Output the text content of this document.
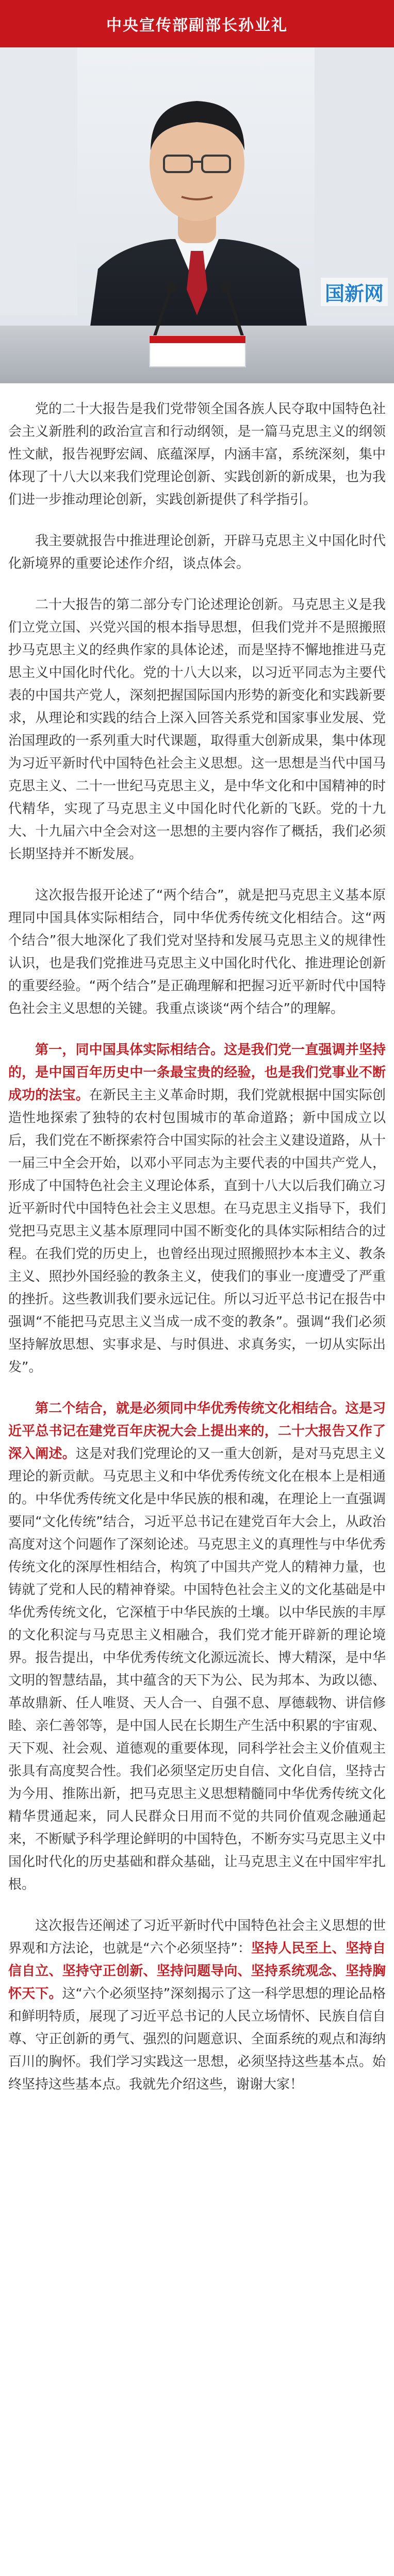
中央宣传部副部长孙业礼
国新网

党的二十大报告是我们党带领全国各族人民夺取中国特色社会主义新胜利的政治宣言和行动纲领，是一篇马克思主义的纲领性文献，报告视野宏阔、底蕴深厚，内涵丰富，系统深刻，集中体现了十八大以来我们党理论创新、实践创新的新成果，也为我们进一步推动理论创新，实践创新提供了科学指引。

我主要就报告中推进理论创新，开辟马克思主义中国化时代化新境界的重要论述作介绍，谈点体会。

二十大报告的第二部分专门论述理论创新。马克思主义是我们立党立国、兴党兴国的根本指导思想，但我们党并不是照搬照抄马克思主义的经典作家的具体论述，而是坚持不懈地推进马克思主义中国化时代化。党的十八大以来，以习近平同志为主要代表的中国共产党人，深刻把握国际国内形势的新变化和实践新要求，从理论和实践的结合上深入回答关系党和国家事业发展、党治国理政的一系列重大时代课题，取得重大创新成果，集中体现为习近平新时代中国特色社会主义思想。这一思想是当代中国马克思主义、二十一世纪马克思主义，是中华文化和中国精神的时代精华，实现了马克思主义中国化时代化新的飞跃。党的十九大、十九届六中全会对这一思想的主要内容作了概括，我们必须长期坚持并不断发展。

这次报告报开论述了“两个结合”，就是把马克思主义基本原理同中国具体实际相结合，同中华优秀传统文化相结合。这“两个结合”很大地深化了我们党对坚持和发展马克思主义的规律性认识，也是我们党推进马克思主义中国化时代化、推进理论创新的重要经验。“两个结合”是正确理解和把握习近平新时代中国特色社会主义思想的关键。我重点谈谈“两个结合”的理解。

第一，同中国具体实际相结合。这是我们党一直强调并坚持的，是中国百年历史中一条最宝贵的经验，也是我们党事业不断成功的法宝。在新民主主义革命时期，我们党就根据中国实际创造性地探索了独特的农村包围城市的革命道路；新中国成立以后，我们党在不断探索符合中国实际的社会主义建设道路，从十一届三中全会开始，以邓小平同志为主要代表的中国共产党人，形成了中国特色社会主义理论体系，直到十八大以后我们确立习近平新时代中国特色社会主义思想。在马克思主义指导下，我们党把马克思主义基本原理同中国不断变化的具体实际相结合的过程。在我们党的历史上，也曾经出现过照搬照抄本本主义、教条主义、照抄外国经验的教条主义，使我们的事业一度遭受了严重的挫折。这些教训我们要永远记住。所以习近平总书记在报告中强调“不能把马克思主义当成一成不变的教条”。强调“我们必须坚持解放思想、实事求是、与时俱进、求真务实，一切从实际出发”。

第二个结合，就是必须同中华优秀传统文化相结合。这是习近平总书记在建党百年庆祝大会上提出来的，二十大报告又作了深入阐述。这是对我们党理论的又一重大创新，是对马克思主义理论的新贡献。马克思主义和中华优秀传统文化在根本上是相通的。中华优秀传统文化是中华民族的根和魂，在理论上一直强调要同“文化传统”结合，习近平总书记在建党百年大会上，从政治高度对这个问题作了深刻论述。马克思主义的真理性与中华优秀传统文化的深厚性相结合，构筑了中国共产党人的精神力量，也铸就了党和人民的精神脊梁。中国特色社会主义的文化基础是中华优秀传统文化，它深植于中华民族的土壤。以中华民族的丰厚的文化积淀与马克思主义相融合，我们党才能开辟新的理论境界。报告提出，中华优秀传统文化源远流长、博大精深，是中华文明的智慧结晶，其中蕴含的天下为公、民为邦本、为政以德、革故鼎新、任人唯贤、天人合一、自强不息、厚德载物、讲信修睦、亲仁善邻等，是中国人民在长期生产生活中积累的宇宙观、天下观、社会观、道德观的重要体现，同科学社会主义价值观主张具有高度契合性。我们必须坚定历史自信、文化自信，坚持古为今用、推陈出新，把马克思主义思想精髓同中华优秀传统文化精华贯通起来，同人民群众日用而不觉的共同价值观念融通起来，不断赋予科学理论鲜明的中国特色，不断夯实马克思主义中国化时代化的历史基础和群众基础，让马克思主义在中国牢牢扎根。

这次报告还阐述了习近平新时代中国特色社会主义思想的世界观和方法论，也就是“六个必须坚持”：坚持人民至上、坚持自信自立、坚持守正创新、坚持问题导向、坚持系统观念、坚持胸怀天下。这“六个必须坚持”深刻揭示了这一科学思想的理论品格和鲜明特质，展现了习近平总书记的人民立场情怀、民族自信自尊、守正创新的勇气、强烈的问题意识、全面系统的观点和海纳百川的胸怀。我们学习实践这一思想，必须坚持这些基本点。始终坚持这些基本点。我就先介绍这些，谢谢大家！
